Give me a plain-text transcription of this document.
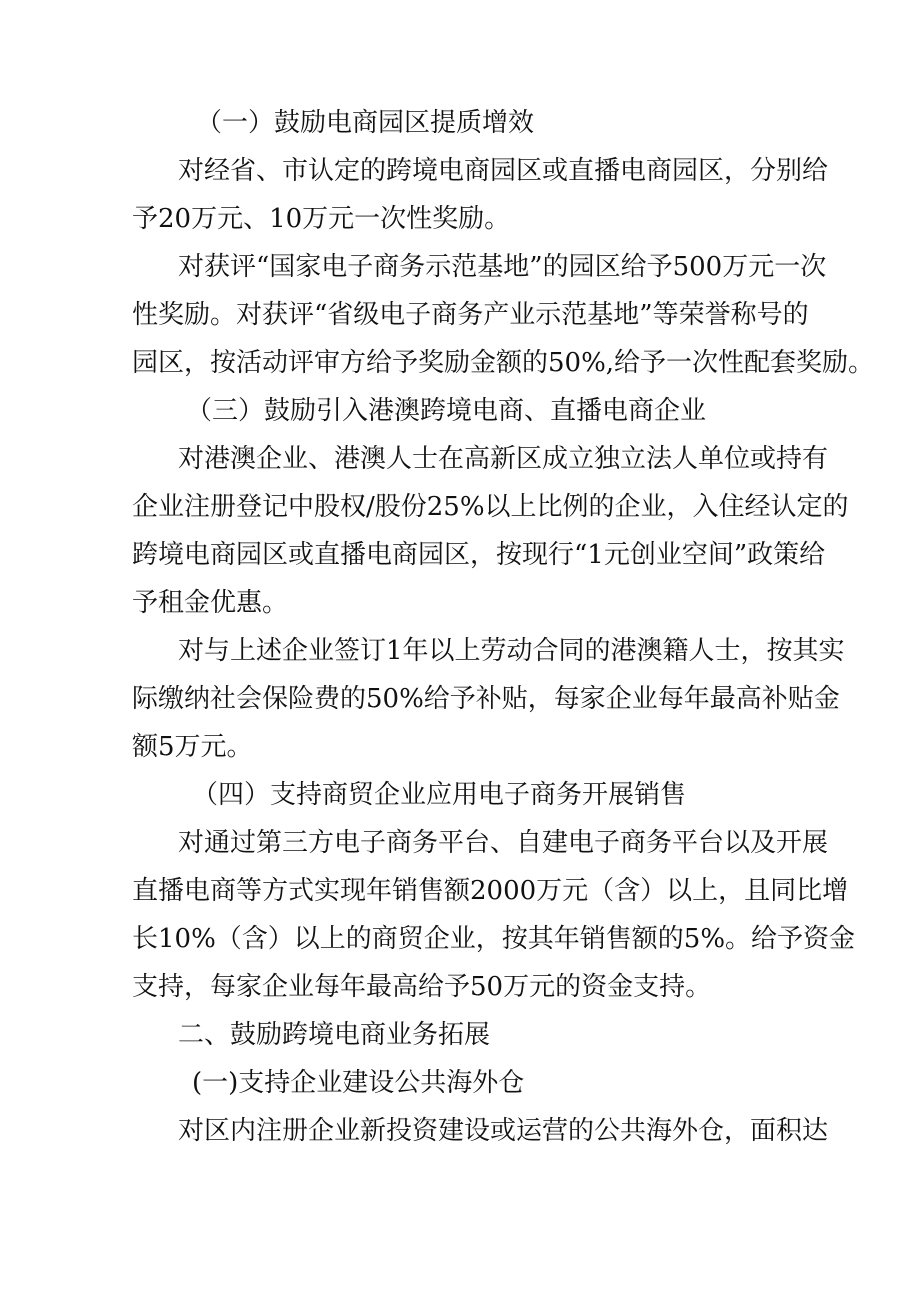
（一）鼓励电商园区提质增效
对经省、市认定的跨境电商园区或直播电商园区，分别给
予20万元、10万元一次性奖励。
对获评“国家电子商务示范基地”的园区给予500万元一次
性奖励。对获评“省级电子商务产业示范基地”等荣誉称号的
园区，按活动评审方给予奖励金额的50%,给予一次性配套奖励。
（三）鼓励引入港澳跨境电商、直播电商企业
对港澳企业、港澳人士在高新区成立独立法人单位或持有
企业注册登记中股权/股份25%以上比例的企业，入住经认定的
跨境电商园区或直播电商园区，按现行“1元创业空间”政策给
予租金优惠。
对与上述企业签订1年以上劳动合同的港澳籍人士，按其实
际缴纳社会保险费的50%给予补贴，每家企业每年最高补贴金
额5万元。
（四）支持商贸企业应用电子商务开展销售
对通过第三方电子商务平台、自建电子商务平台以及开展
直播电商等方式实现年销售额2000万元（含）以上，且同比增
长10%（含）以上的商贸企业，按其年销售额的5%。给予资金
支持，每家企业每年最高给予50万元的资金支持。
二、鼓励跨境电商业务拓展
(一)支持企业建设公共海外仓
对区内注册企业新投资建设或运营的公共海外仓，面积达
